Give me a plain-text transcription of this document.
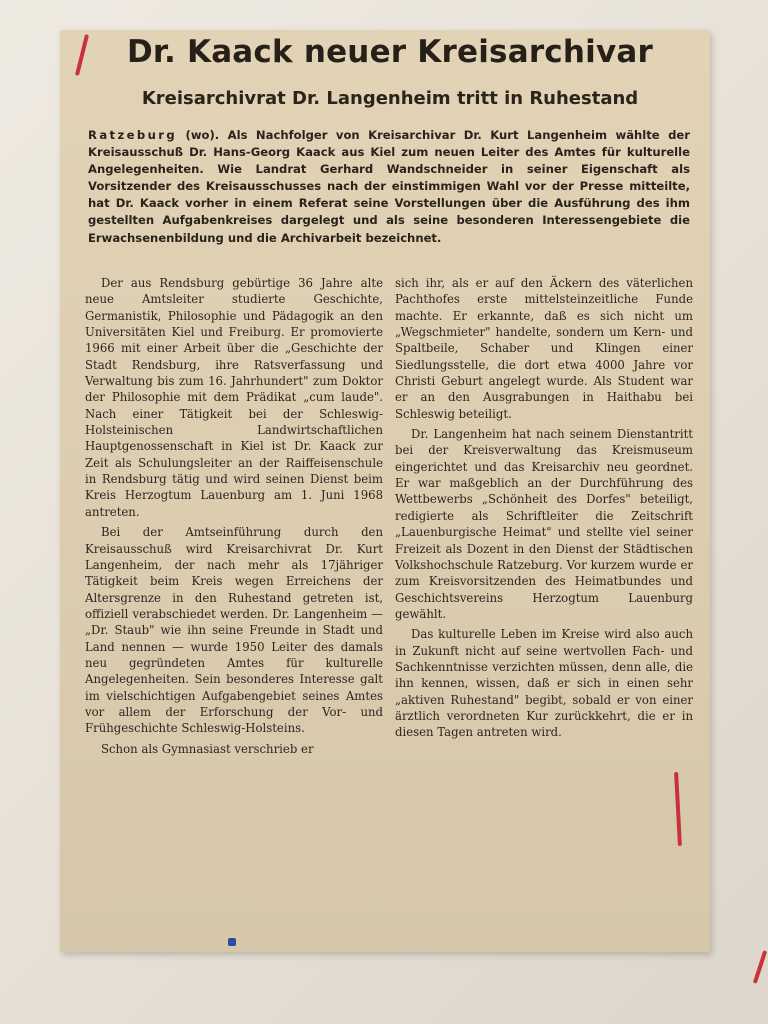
Dr. Kaack neuer Kreisarchivar
Kreisarchivrat Dr. Langenheim tritt in Ruhestand

Ratzeburg (wo). Als Nachfolger von Kreisarchivar Dr. Kurt Langenheim wählte der Kreisausschuß Dr. Hans-Georg Kaack aus Kiel zum neuen Leiter des Amtes für kulturelle Angelegenheiten. Wie Landrat Gerhard Wandschneider in seiner Eigenschaft als Vorsitzender des Kreisausschusses nach der einstimmigen Wahl vor der Presse mitteilte, hat Dr. Kaack vorher in einem Referat seine Vorstellungen über die Ausführung des ihm gestellten Aufgabenkreises dargelegt und als seine besonderen Interessengebiete die Erwachsenenbildung und die Archivarbeit bezeichnet.

Der aus Rendsburg gebürtige 36 Jahre alte neue Amtsleiter studierte Geschichte, Germanistik, Philosophie und Pädagogik an den Universitäten Kiel und Freiburg. Er promovierte 1966 mit einer Arbeit über die „Geschichte der Stadt Rendsburg, ihre Ratsverfassung und Verwaltung bis zum 16. Jahrhundert" zum Doktor der Philosophie mit dem Prädikat „cum laude". Nach einer Tätigkeit bei der Schleswig-Holsteinischen Landwirtschaftlichen Hauptgenossenschaft in Kiel ist Dr. Kaack zur Zeit als Schulungsleiter an der Raiffeisenschule in Rendsburg tätig und wird seinen Dienst beim Kreis Herzogtum Lauenburg am 1. Juni 1968 antreten.

Bei der Amtseinführung durch den Kreisausschuß wird Kreisarchivrat Dr. Kurt Langenheim, der nach mehr als 17jähriger Tätigkeit beim Kreis wegen Erreichens der Altersgrenze in den Ruhestand getreten ist, offiziell verabschiedet werden. Dr. Langenheim — „Dr. Staub" wie ihn seine Freunde in Stadt und Land nennen — wurde 1950 Leiter des damals neu gegründeten Amtes für kulturelle Angelegenheiten. Sein besonderes Interesse galt im vielschichtigen Aufgabengebiet seines Amtes vor allem der Erforschung der Vor- und Frühgeschichte Schleswig-Holsteins.

Schon als Gymnasiast verschrieb er

sich ihr, als er auf den Äckern des väterlichen Pachthofes erste mittelsteinzeitliche Funde machte. Er erkannte, daß es sich nicht um „Wegschmieter" handelte, sondern um Kern- und Spaltbeile, Schaber und Klingen einer Siedlungsstelle, die dort etwa 4000 Jahre vor Christi Geburt angelegt wurde. Als Student war er an den Ausgrabungen in Haithabu bei Schleswig beteiligt.

Dr. Langenheim hat nach seinem Dienstantritt bei der Kreisverwaltung das Kreismuseum eingerichtet und das Kreisarchiv neu geordnet. Er war maßgeblich an der Durchführung des Wettbewerbs „Schönheit des Dorfes" beteiligt, redigierte als Schriftleiter die Zeitschrift „Lauenburgische Heimat" und stellte viel seiner Freizeit als Dozent in den Dienst der Städtischen Volkshochschule Ratzeburg. Vor kurzem wurde er zum Kreisvorsitzenden des Heimatbundes und Geschichtsvereins Herzogtum Lauenburg gewählt.

Das kulturelle Leben im Kreise wird also auch in Zukunft nicht auf seine wertvollen Fach- und Sachkenntnisse verzichten müssen, denn alle, die ihn kennen, wissen, daß er sich in einen sehr „aktiven Ruhestand" begibt, sobald er von einer ärztlich verordneten Kur zurückkehrt, die er in diesen Tagen antreten wird.
